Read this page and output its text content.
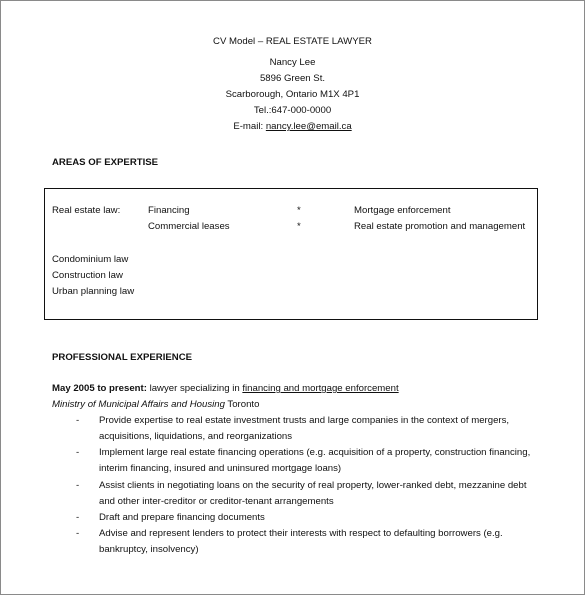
CV Model – REAL ESTATE LAWYER
Nancy Lee
5896 Green St.
Scarborough, Ontario M1X 4P1
Tel.:647-000-0000
E-mail: nancy.lee@email.ca
AREAS OF EXPERTISE
Real estate law:	Financing
Commercial leases
*
*
Mortgage enforcement
Real estate promotion and management
Condominium law
Construction law
Urban planning law
PROFESSIONAL EXPERIENCE
May 2005 to present: lawyer specializing in financing and mortgage enforcement
Ministry of Municipal Affairs and Housing Toronto
- Provide expertise to real estate investment trusts and large companies in the context of mergers,
acquisitions, liquidations, and reorganizations
- Implement large real estate financing operations (e.g. acquisition of a property, construction financing,
interim financing, insured and uninsured mortgage loans)
- Assist clients in negotiating loans on the security of real property, lower-ranked debt, mezzanine debt
and other inter-creditor or creditor-tenant arrangements
- Draft and prepare financing documents
- Advise and represent lenders to protect their interests with respect to defaulting borrowers (e.g.
bankruptcy, insolvency)
